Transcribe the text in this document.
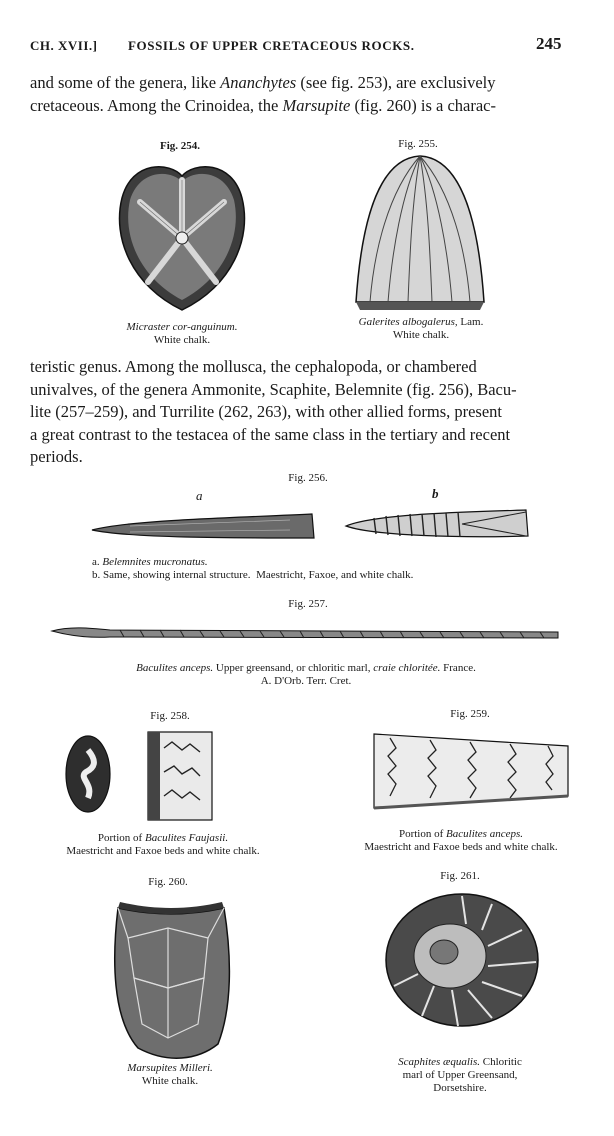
CH. XVII.] FOSSILS OF UPPER CRETACEOUS ROCKS.	245
and some of the genera, like Ananchytes (see fig. 253), are exclusively
cretaceous. Among the Crinoidea, the Marsupite (fig. 260) is a charac-
Fig. 254.
Micraster cor-anguinum.
White chalk.
Fig. 255.
Galerites albogalerus, Lam.
White chalk.
teristic genus. Among the mollusca, the cephalopoda, or chambered
univalves, of the genera Ammonite, Scaphite, Belemnite (fig. 256), Bacu-
lite (257–259), and Turrilite (262, 263), with other allied forms, present
a great contrast to the testacea of the same class in the tertiary and recent
periods.
Fig. 256.
a	b
a. Belemnites mucronatus.
b. Same, showing internal structure. Maestricht, Faxoe, and white chalk.
Fig. 257.
Baculites anceps. Upper greensand, or chloritic marl, craie chloritée. France.
A. D'Orb. Terr. Cret.
Fig. 258.
Portion of Baculites Faujasii.
Maestricht and Faxoe beds and white chalk.
Fig. 259.
Portion of Baculites anceps.
Maestricht and Faxoe beds and white chalk.
Fig. 260.
Marsupites Milleri.
White chalk.
Fig. 261.
Scaphites æqualis. Chloritic
marl of Upper Greensand,
Dorsetshire.
